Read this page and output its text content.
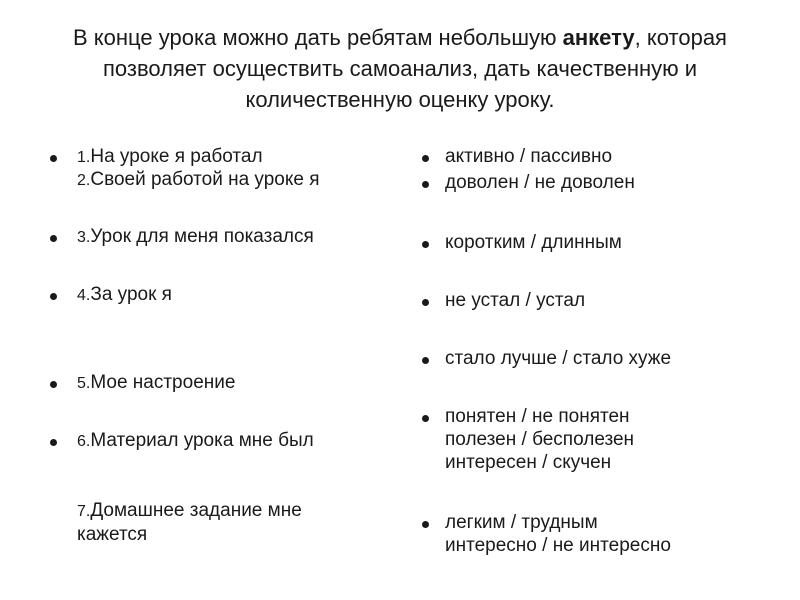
В конце урока можно дать ребятам небольшую анкету, которая позволяет осуществить самоанализ, дать качественную и количественную оценку уроку.
1.На уроке я работал
2.Своей работой на уроке я
3.Урок для меня показался
4.За урок я
5.Мое настроение
6.Материал урока мне был
7.Домашнее задание мне
кажется
активно / пассивно
доволен / не доволен
коротким / длинным
не устал / устал
стало лучше / стало хуже
понятен / не понятен
полезен / бесполезен
интересен / скучен
легким / трудным
интересно / не интересно
